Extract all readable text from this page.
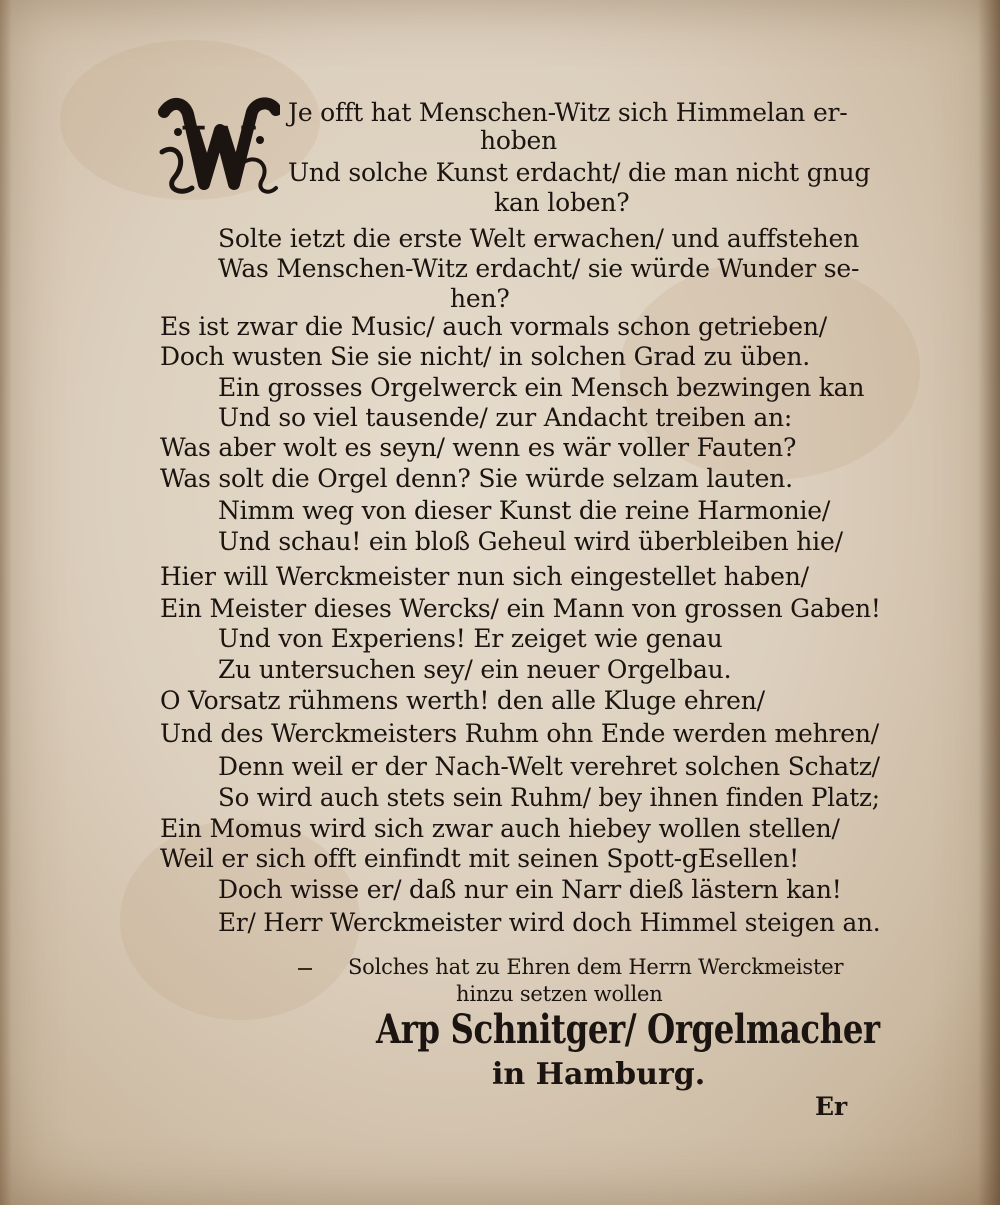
W
Je offt hat Menschen-Witz sich Himmelan er-
hoben
Und solche Kunst erdacht/ die man nicht gnug
kan loben?
Solte ietzt die erste Welt erwachen/ und auffstehen
Was Menschen-Witz erdacht/ sie würde Wunder se-
hen?
Es ist zwar die Music/ auch vormals schon getrieben/
Doch wusten Sie sie nicht/ in solchen Grad zu üben.
Ein grosses Orgelwerck ein Mensch bezwingen kan
Und so viel tausende/ zur Andacht treiben an:
Was aber wolt es seyn/ wenn es wär voller Fauten?
Was solt die Orgel denn? Sie würde selzam lauten.
Nimm weg von dieser Kunst die reine Harmonie/
Und schau! ein bloß Geheul wird überbleiben hie/
Hier will Werckmeister nun sich eingestellet haben/
Ein Meister dieses Wercks/ ein Mann von grossen Gaben!
Und von Experiens! Er zeiget wie genau
Zu untersuchen sey/ ein neuer Orgelbau.
O Vorsatz rühmens werth! den alle Kluge ehren/
Und des Werckmeisters Ruhm ohn Ende werden mehren/
Denn weil er der Nach-Welt verehret solchen Schatz/
So wird auch stets sein Ruhm/ bey ihnen finden Platz;
Ein Momus wird sich zwar auch hiebey wollen stellen/
Weil er sich offt einfindt mit seinen Spott-gEsellen!
Doch wisse er/ daß nur ein Narr dieß lästern kan!
Er/ Herr Werckmeister wird doch Himmel steigen an.
Solches hat zu Ehren dem Herrn Werckmeister
hinzu setzen wollen
Arp Schnitger/ Orgelmacher
in Hamburg.
Er
